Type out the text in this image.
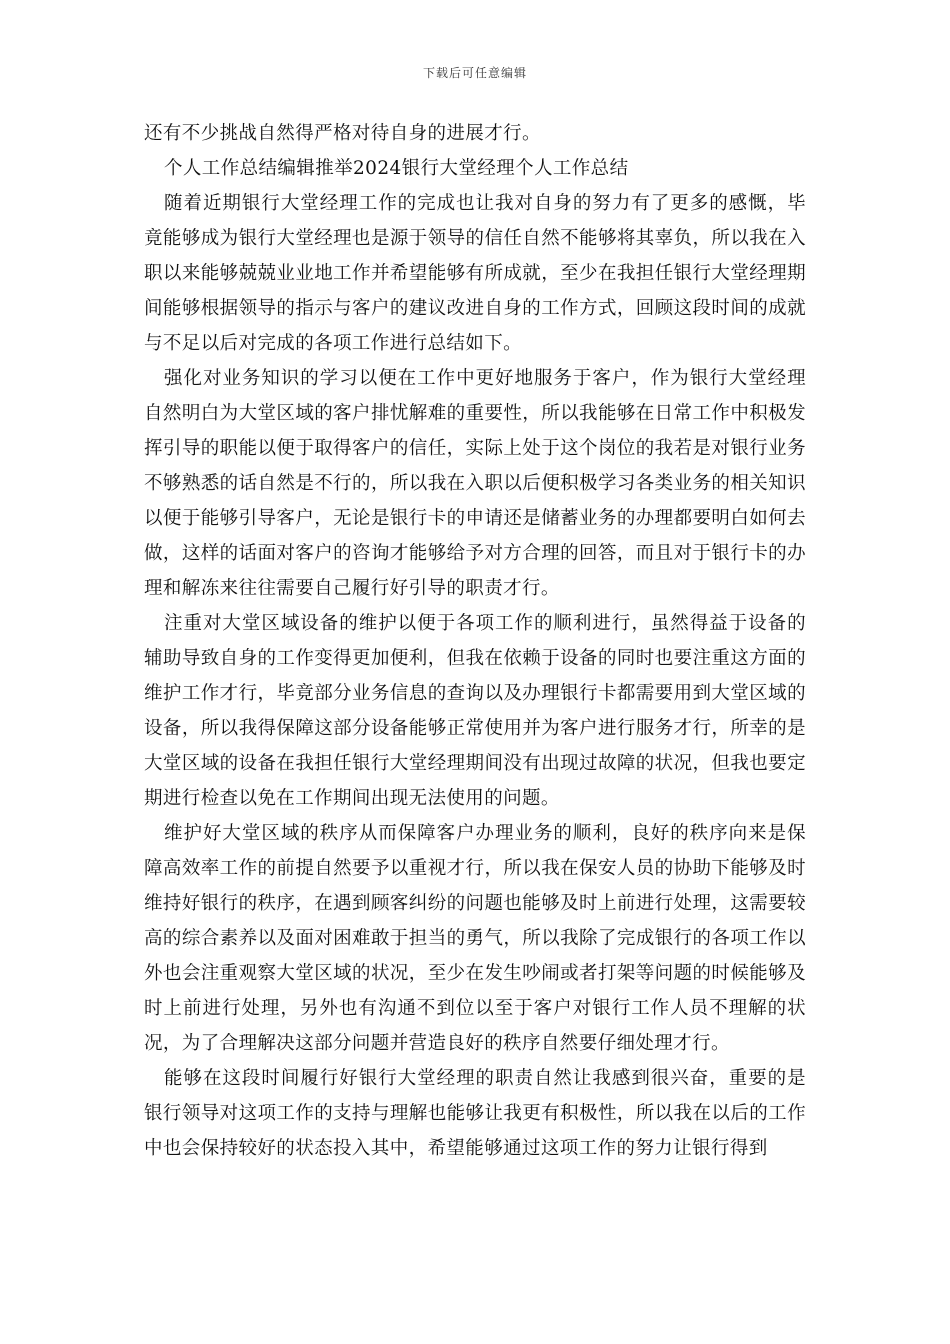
下载后可任意编辑

还有不少挑战自然得严格对待自身的进展才行。

个人工作总结编辑推举2024银行大堂经理个人工作总结

随着近期银行大堂经理工作的完成也让我对自身的努力有了更多的感慨，毕竟能够成为银行大堂经理也是源于领导的信任自然不能够将其辜负，所以我在入职以来能够兢兢业业地工作并希望能够有所成就，至少在我担任银行大堂经理期间能够根据领导的指示与客户的建议改进自身的工作方式，回顾这段时间的成就与不足以后对完成的各项工作进行总结如下。

强化对业务知识的学习以便在工作中更好地服务于客户，作为银行大堂经理自然明白为大堂区域的客户排忧解难的重要性，所以我能够在日常工作中积极发挥引导的职能以便于取得客户的信任，实际上处于这个岗位的我若是对银行业务不够熟悉的话自然是不行的，所以我在入职以后便积极学习各类业务的相关知识以便于能够引导客户，无论是银行卡的申请还是储蓄业务的办理都要明白如何去做，这样的话面对客户的咨询才能够给予对方合理的回答，而且对于银行卡的办理和解冻来往往需要自己履行好引导的职责才行。

注重对大堂区域设备的维护以便于各项工作的顺利进行，虽然得益于设备的辅助导致自身的工作变得更加便利，但我在依赖于设备的同时也要注重这方面的维护工作才行，毕竟部分业务信息的查询以及办理银行卡都需要用到大堂区域的设备，所以我得保障这部分设备能够正常使用并为客户进行服务才行，所幸的是大堂区域的设备在我担任银行大堂经理期间没有出现过故障的状况，但我也要定期进行检查以免在工作期间出现无法使用的问题。

维护好大堂区域的秩序从而保障客户办理业务的顺利，良好的秩序向来是保障高效率工作的前提自然要予以重视才行，所以我在保安人员的协助下能够及时维持好银行的秩序，在遇到顾客纠纷的问题也能够及时上前进行处理，这需要较高的综合素养以及面对困难敢于担当的勇气，所以我除了完成银行的各项工作以外也会注重观察大堂区域的状况，至少在发生吵闹或者打架等问题的时候能够及时上前进行处理，另外也有沟通不到位以至于客户对银行工作人员不理解的状况，为了合理解决这部分问题并营造良好的秩序自然要仔细处理才行。

能够在这段时间履行好银行大堂经理的职责自然让我感到很兴奋，重要的是银行领导对这项工作的支持与理解也能够让我更有积极性，所以我在以后的工作中也会保持较好的状态投入其中，希望能够通过这项工作的努力让银行得到
